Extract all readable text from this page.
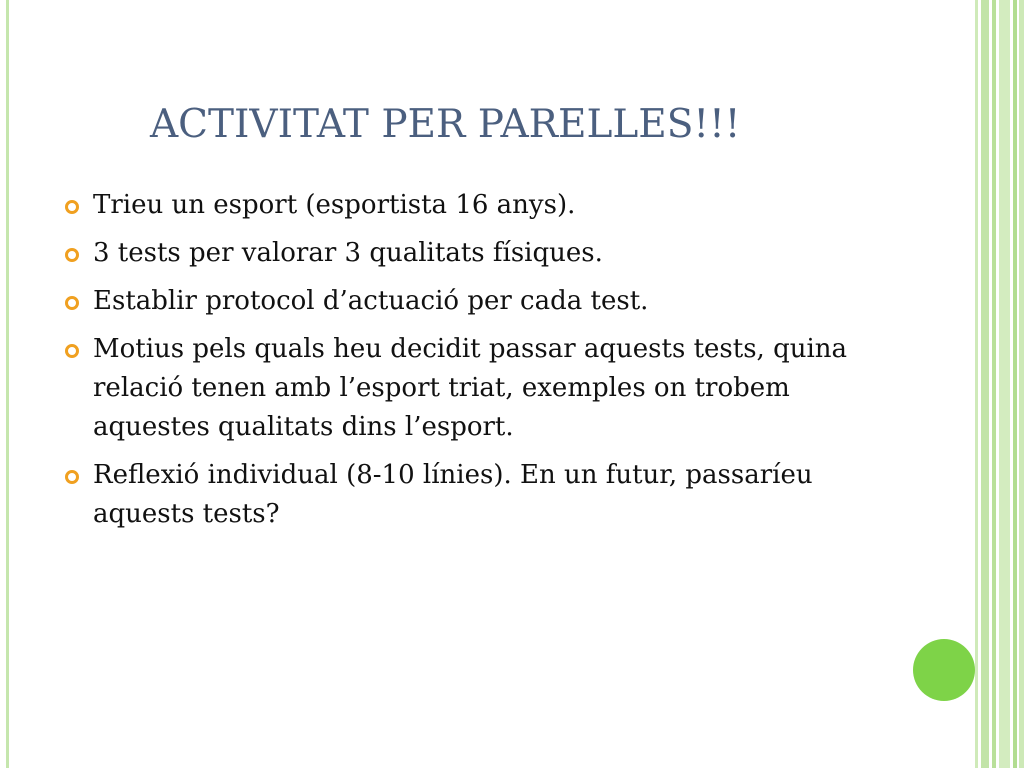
ACTIVITAT PER PARELLES!!!
Trieu un esport (esportista 16 anys).
3 tests per valorar 3 qualitats físiques.
Establir protocol d’actuació per cada test.
Motius pels quals heu decidit passar aquests tests, quina relació tenen amb l’esport triat, exemples on trobem aquestes qualitats dins l’esport.
Reflexió individual (8-10 línies). En un futur, passaríeu aquests tests?
